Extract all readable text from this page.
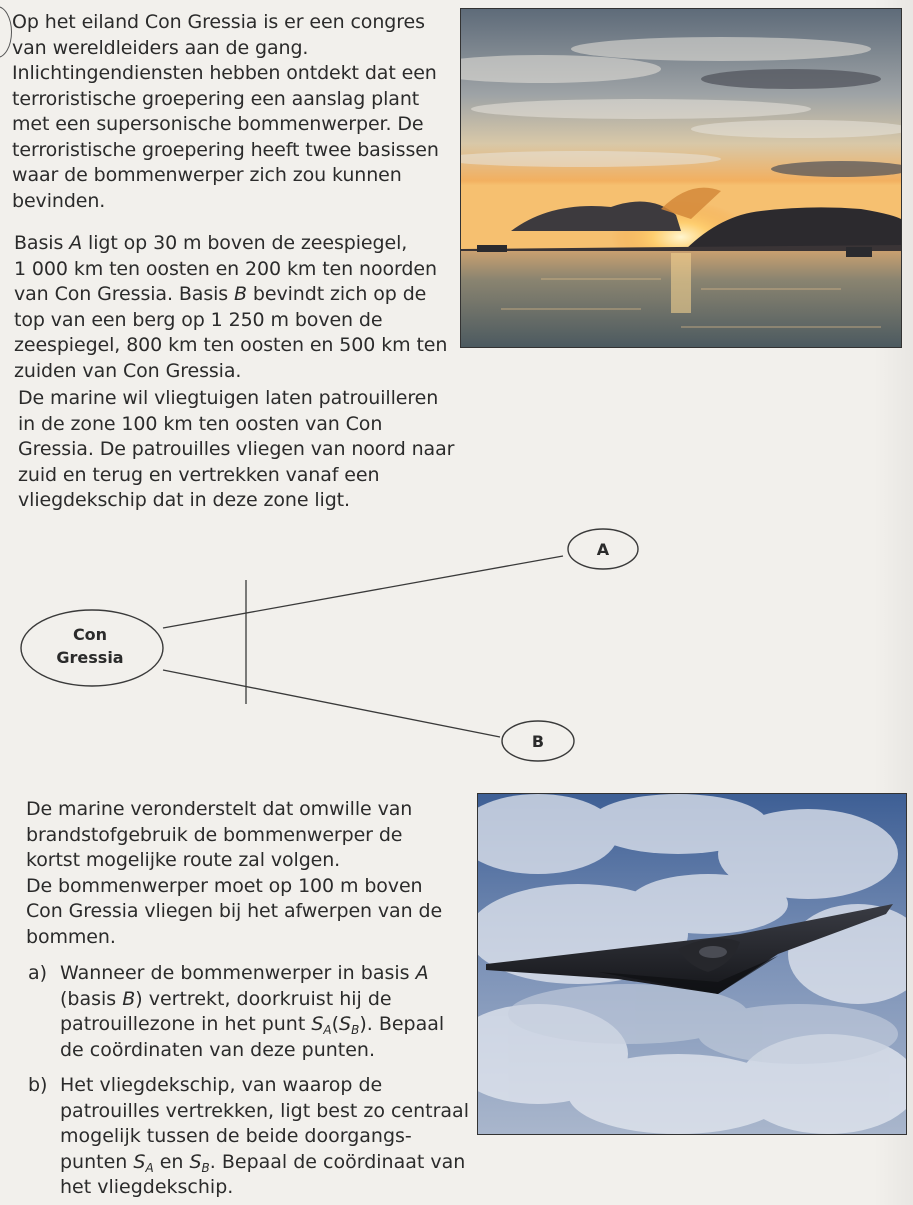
Op het eiland Con Gressia is er een congres
van wereldleiders aan de gang.
Inlichtingendiensten hebben ontdekt dat een
terroristische groepering een aanslag plant
met een supersonische bommenwerper. De
terroristische groepering heeft twee basissen
waar de bommenwerper zich zou kunnen
bevinden.
Basis A ligt op 30 m boven de zeespiegel,
1 000 km ten oosten en 200 km ten noorden
van Con Gressia. Basis B bevindt zich op de
top van een berg op 1 250 m boven de
zeespiegel, 800 km ten oosten en 500 km ten
zuiden van Con Gressia.
De marine wil vliegtuigen laten patrouilleren
in de zone 100 km ten oosten van Con
Gressia. De patrouilles vliegen van noord naar
zuid en terug en vertrekken vanaf een
vliegdekschip dat in deze zone ligt.
Con
Gressia
A
B
De marine veronderstelt dat omwille van
brandstofgebruik de bommenwerper de
kortst mogelijke route zal volgen.
De bommenwerper moet op 100 m boven
Con Gressia vliegen bij het afwerpen van de
bommen.
a) Wanneer de bommenwerper in basis A
(basis B) vertrekt, doorkruist hij de
patrouillezone in het punt $S_A(S_B)$. Bepaal
de coördinaten van deze punten.
b) Het vliegdekschip, van waarop de
patrouilles vertrekken, ligt best zo centraal
mogelijk tussen de beide doorgangs-
punten $S_A$ en $S_B$. Bepaal de coördinaat van
het vliegdekschip.
